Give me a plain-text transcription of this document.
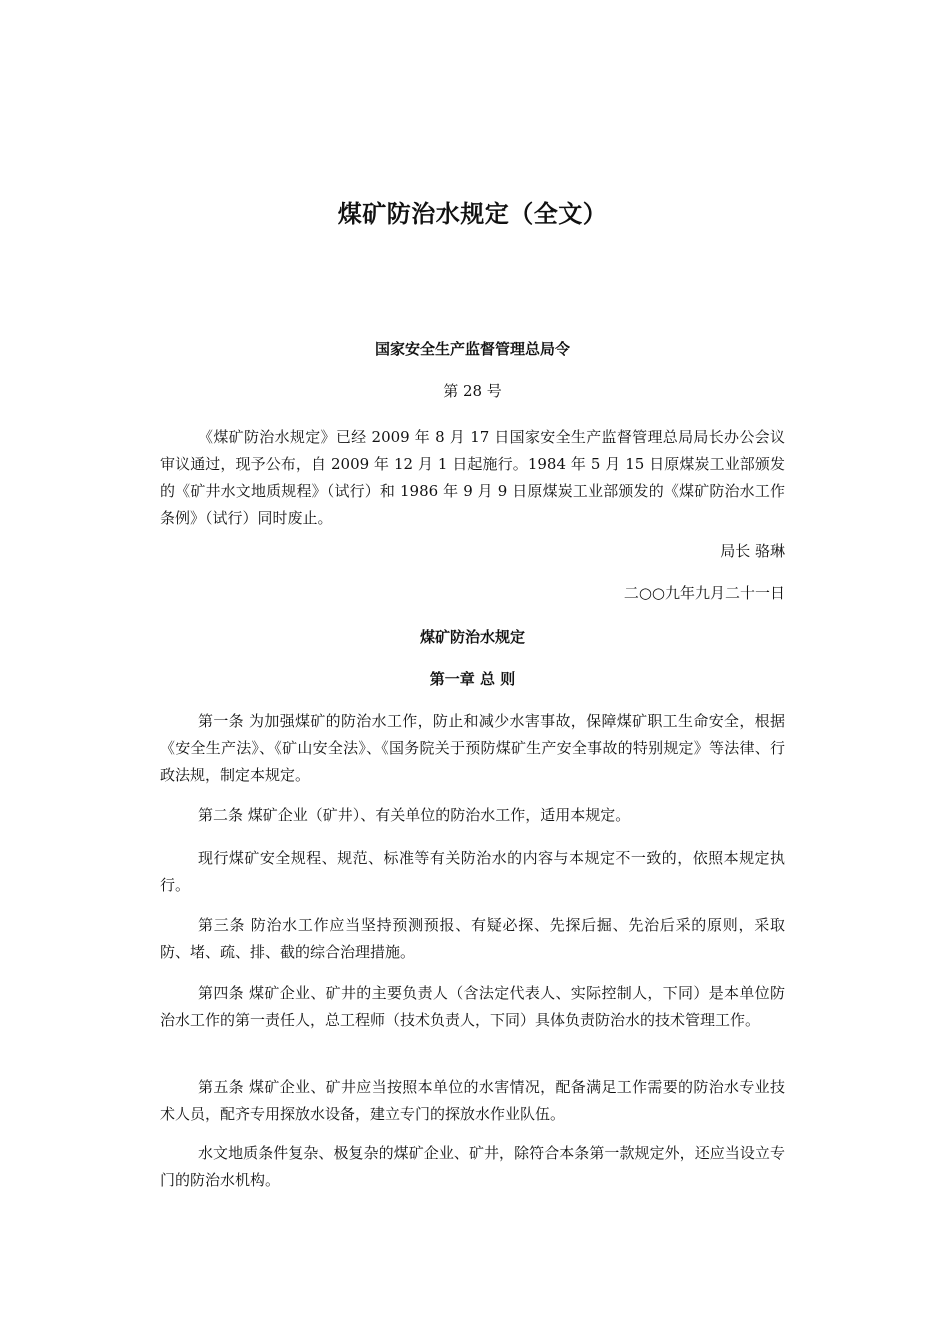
煤矿防治水规定（全文）
国家安全生产监督管理总局令

第 28 号

《煤矿防治水规定》已经 2009 年 8 月 17 日国家安全生产监督管理总局局长办公会议审议通过，现予公布，自 2009 年 12 月 1 日起施行。1984 年 5 月 15 日原煤炭工业部颁发的《矿井水文地质规程》（试行）和 1986 年 9 月 9 日原煤炭工业部颁发的《煤矿防治水工作条例》（试行）同时废止。

局长 骆琳

二○○九年九月二十一日

煤矿防治水规定
第一章 总 则

第一条 为加强煤矿的防治水工作，防止和减少水害事故，保障煤矿职工生命安全，根据《安全生产法》、《矿山安全法》、《国务院关于预防煤矿生产安全事故的特别规定》等法律、行政法规，制定本规定。

第二条 煤矿企业（矿井）、有关单位的防治水工作，适用本规定。

现行煤矿安全规程、规范、标准等有关防治水的内容与本规定不一致的，依照本规定执行。

第三条 防治水工作应当坚持预测预报、有疑必探、先探后掘、先治后采的原则，采取防、堵、疏、排、截的综合治理措施。

第四条 煤矿企业、矿井的主要负责人（含法定代表人、实际控制人，下同）是本单位防治水工作的第一责任人，总工程师（技术负责人，下同）具体负责防治水的技术管理工作。

第五条 煤矿企业、矿井应当按照本单位的水害情况，配备满足工作需要的防治水专业技术人员，配齐专用探放水设备，建立专门的探放水作业队伍。

水文地质条件复杂、极复杂的煤矿企业、矿井，除符合本条第一款规定外，还应当设立专门的防治水机构。
